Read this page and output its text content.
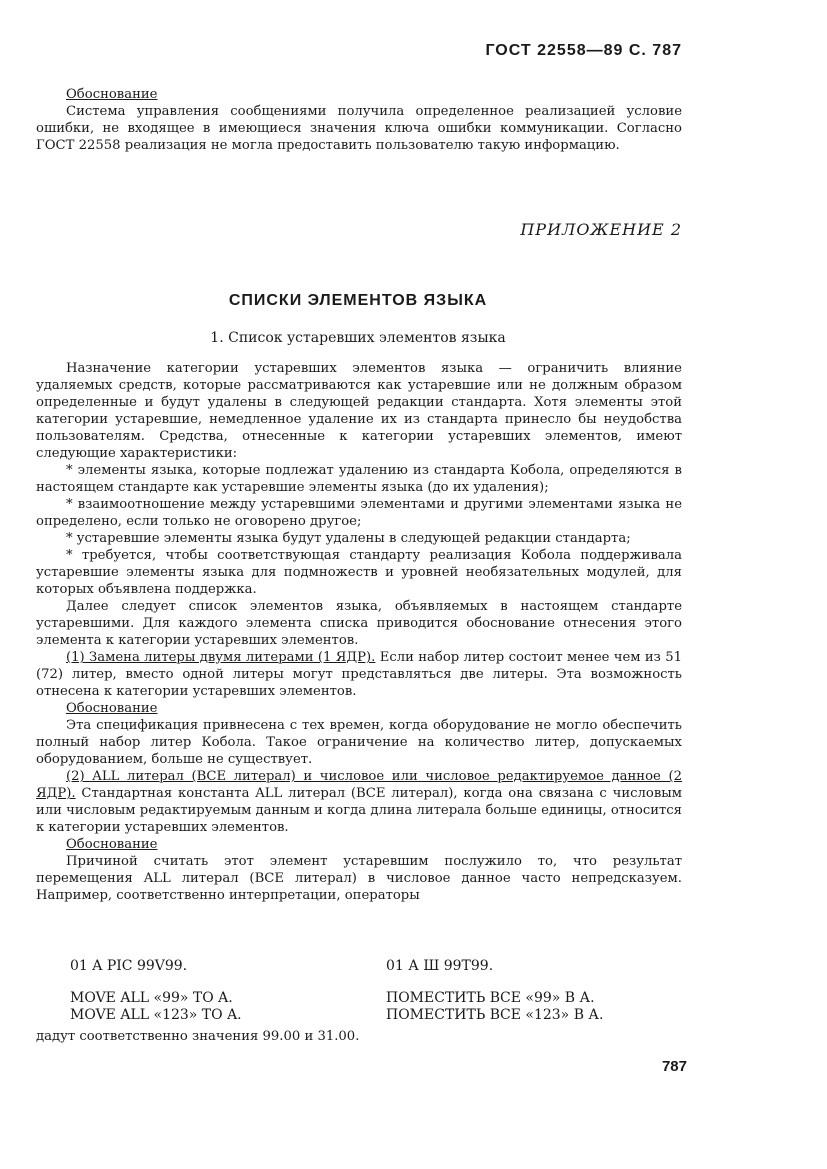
ГОСТ 22558—89 С. 787

Обоснование

Система управления сообщениями получила определенное реализацией условие ошибки, не входящее в имеющиеся значения ключа ошибки коммуникации. Согласно ГОСТ 22558 реализация не могла предоставить пользователю такую информацию.

ПРИЛОЖЕНИЕ 2
СПИСКИ ЭЛЕМЕНТОВ ЯЗЫКА
1. Список устаревших элементов языка

Назначение категории устаревших элементов языка — ограничить влияние удаляемых средств, которые рассматриваются как устаревшие или не должным образом определенные и будут удалены в следующей редакции стандарта. Хотя элементы этой категории устаревшие, немедленное удаление их из стандарта принесло бы неудобства пользователям. Средства, отнесенные к категории устаревших элементов, имеют следующие характеристики:

* элементы языка, которые подлежат удалению из стандарта Кобола, определяются в настоящем стандарте как устаревшие элементы языка (до их удаления);

* взаимоотношение между устаревшими элементами и другими элементами языка не определено, если только не оговорено другое;

* устаревшие элементы языка будут удалены в следующей редакции стандарта;

* требуется, чтобы соответствующая стандарту реализация Кобола поддерживала устаревшие элементы языка для подмножеств и уровней необязательных модулей, для которых объявлена поддержка.

Далее следует список элементов языка, объявляемых в настоящем стандарте устаревшими. Для каждого элемента списка приводится обоснование отнесения этого элемента к категории устаревших элементов.

(1) Замена литеры двумя литерами (1 ЯДР). Если набор литер состоит менее чем из 51 (72) литер, вместо одной литеры могут представляться две литеры. Эта возможность отнесена к категории устаревших элементов.

Обоснование

Эта спецификация привнесена с тех времен, когда оборудование не могло обеспечить полный набор литер Кобола. Такое ограничение на количество литер, допускаемых оборудованием, больше не существует.

(2) ALL литерал (ВСЕ литерал) и числовое или числовое редактируемое данное (2 ЯДР). Стандартная константа ALL литерал (ВСЕ литерал), когда она связана с числовым или числовым редактируемым данным и когда длина литерала больше единицы, относится к категории устаревших элементов.

Обоснование

Причиной считать этот элемент устаревшим послужило то, что результат перемещения ALL литерал (ВСЕ литерал) в числовое данное часто непредсказуем. Например, соответственно интерпретации, операторы

01 A PIC 99V99.	01 А Ш 99Т99.
MOVE ALL «99» TO A.
MOVE ALL «123» TO A.
ПОМЕСТИТЬ ВСЕ «99» В А.
ПОМЕСТИТЬ ВСЕ «123» В А.
дадут соответственно значения 99.00 и 31.00.
787
